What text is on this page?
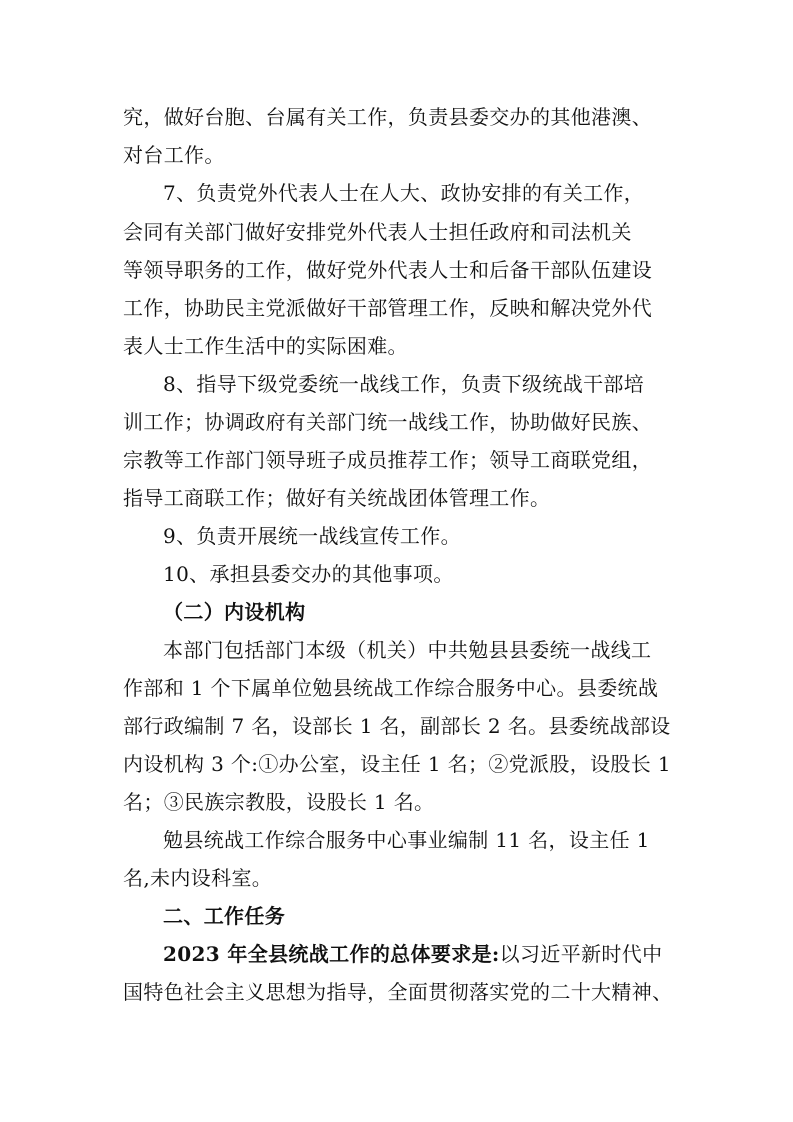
究，做好台胞、台属有关工作，负责县委交办的其他港澳、
对台工作。
7、负责党外代表人士在人大、政协安排的有关工作，
会同有关部门做好安排党外代表人士担任政府和司法机关
等领导职务的工作，做好党外代表人士和后备干部队伍建设
工作，协助民主党派做好干部管理工作，反映和解决党外代
表人士工作生活中的实际困难。
8、指导下级党委统一战线工作，负责下级统战干部培
训工作；协调政府有关部门统一战线工作，协助做好民族、
宗教等工作部门领导班子成员推荐工作；领导工商联党组，
指导工商联工作；做好有关统战团体管理工作。
9、负责开展统一战线宣传工作。
10、承担县委交办的其他事项。
（二）内设机构
本部门包括部门本级（机关）中共勉县县委统一战线工
作部和 1 个下属单位勉县统战工作综合服务中心。县委统战
部行政编制 7 名，设部长 1 名，副部长 2 名。县委统战部设
内设机构 3 个:①办公室，设主任 1 名；②党派股，设股长 1
名；③民族宗教股，设股长 1 名。
勉县统战工作综合服务中心事业编制 11 名，设主任 1
名,未内设科室。
二、工作任务
2023 年全县统战工作的总体要求是:以习近平新时代中
国特色社会主义思想为指导，全面贯彻落实党的二十大精神、
